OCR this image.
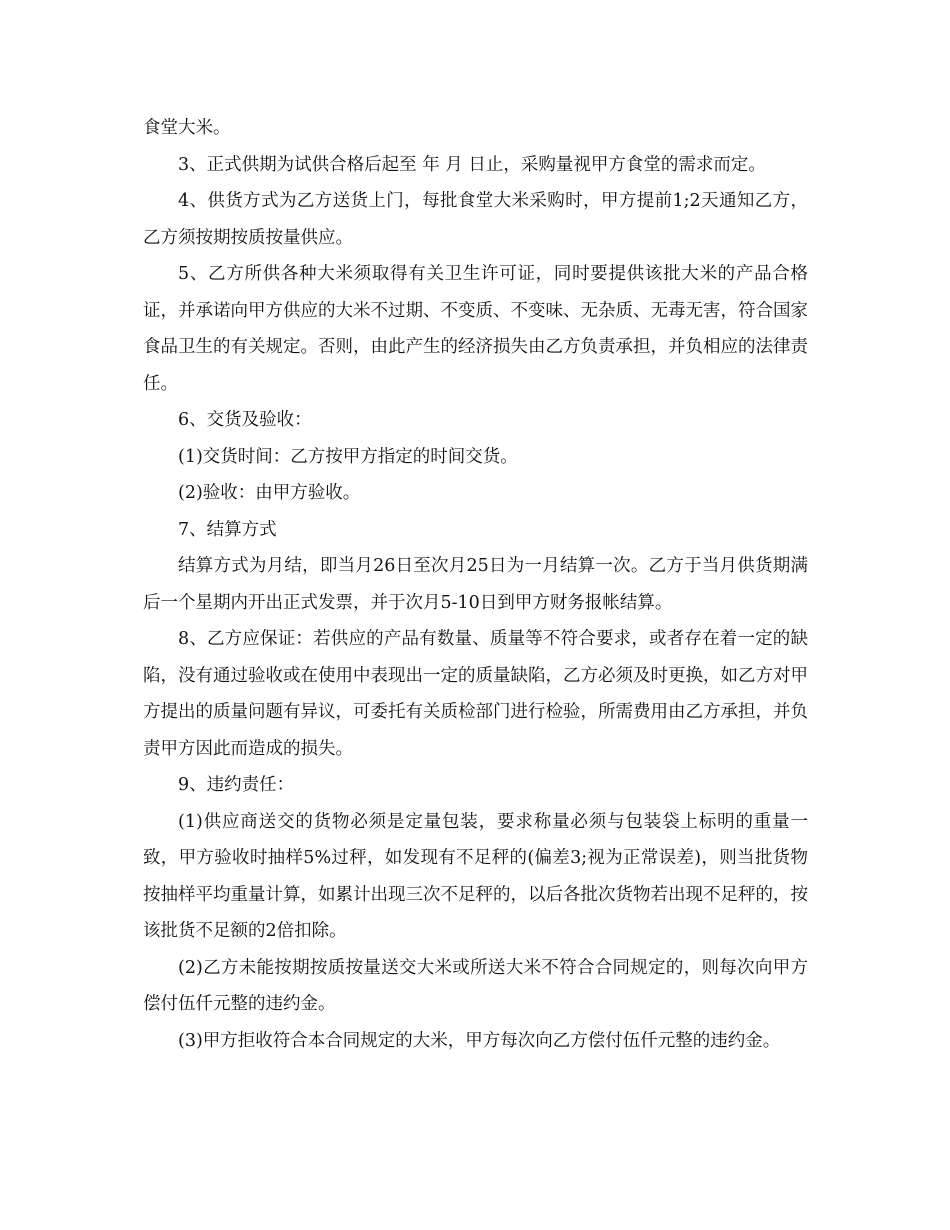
食堂大米。

3、正式供期为试供合格后起至 年 月 日止，采购量视甲方食堂的需求而定。

4、供货方式为乙方送货上门，每批食堂大米采购时，甲方提前1;2天通知乙方，乙方须按期按质按量供应。

5、乙方所供各种大米须取得有关卫生许可证，同时要提供该批大米的产品合格证，并承诺向甲方供应的大米不过期、不变质、不变味、无杂质、无毒无害，符合国家食品卫生的有关规定。否则，由此产生的经济损失由乙方负责承担，并负相应的法律责任。

6、交货及验收：

(1)交货时间：乙方按甲方指定的时间交货。

(2)验收：由甲方验收。

7、结算方式

结算方式为月结，即当月26日至次月25日为一月结算一次。乙方于当月供货期满后一个星期内开出正式发票，并于次月5-10日到甲方财务报帐结算。

8、乙方应保证：若供应的产品有数量、质量等不符合要求，或者存在着一定的缺陷，没有通过验收或在使用中表现出一定的质量缺陷，乙方必须及时更换，如乙方对甲方提出的质量问题有异议，可委托有关质检部门进行检验，所需费用由乙方承担，并负责甲方因此而造成的损失。

9、违约责任：

(1)供应商送交的货物必须是定量包装，要求称量必须与包装袋上标明的重量一致，甲方验收时抽样5%过秤，如发现有不足秤的(偏差3;视为正常误差)，则当批货物按抽样平均重量计算，如累计出现三次不足秤的，以后各批次货物若出现不足秤的，按该批货不足额的2倍扣除。

(2)乙方未能按期按质按量送交大米或所送大米不符合合同规定的，则每次向甲方偿付伍仟元整的违约金。

(3)甲方拒收符合本合同规定的大米，甲方每次向乙方偿付伍仟元整的违约金。
